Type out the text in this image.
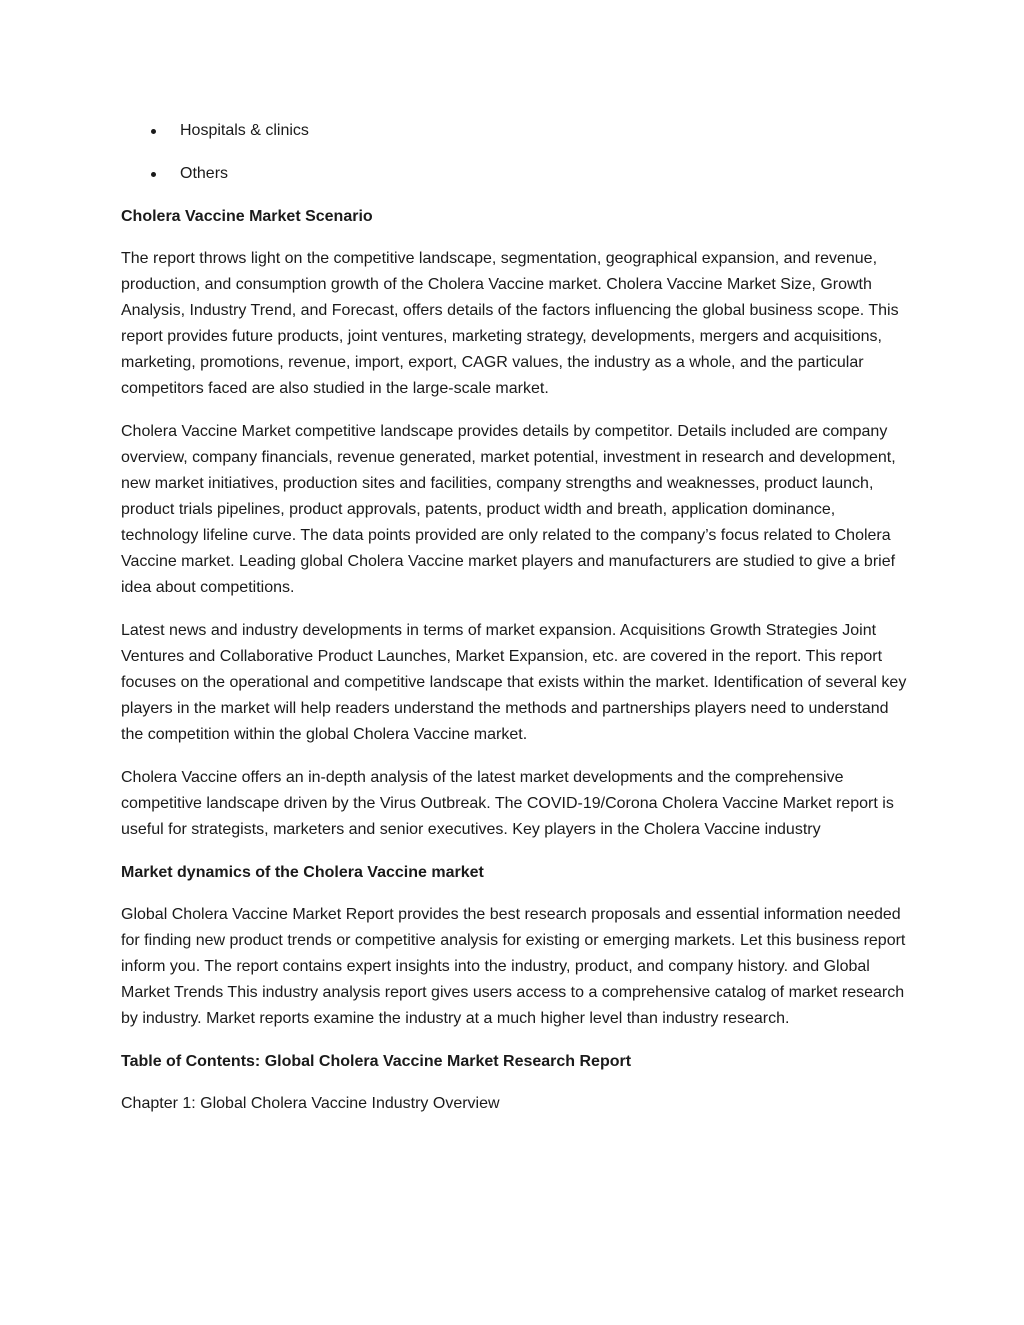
Hospitals & clinics
Others

Cholera Vaccine Market Scenario

The report throws light on the competitive landscape, segmentation, geographical expansion, and revenue, production, and consumption growth of the Cholera Vaccine market. Cholera Vaccine Market Size, Growth Analysis, Industry Trend, and Forecast, offers details of the factors influencing the global business scope. This report provides future products, joint ventures, marketing strategy, developments, mergers and acquisitions, marketing, promotions, revenue, import, export, CAGR values, the industry as a whole, and the particular competitors faced are also studied in the large-scale market.

Cholera Vaccine Market competitive landscape provides details by competitor. Details included are company overview, company financials, revenue generated, market potential, investment in research and development, new market initiatives, production sites and facilities, company strengths and weaknesses, product launch, product trials pipelines, product approvals, patents, product width and breath, application dominance, technology lifeline curve. The data points provided are only related to the company’s focus related to Cholera Vaccine market. Leading global Cholera Vaccine market players and manufacturers are studied to give a brief idea about competitions.

Latest news and industry developments in terms of market expansion. Acquisitions Growth Strategies Joint Ventures and Collaborative Product Launches, Market Expansion, etc. are covered in the report. This report focuses on the operational and competitive landscape that exists within the market. Identification of several key players in the market will help readers understand the methods and partnerships players need to understand the competition within the global Cholera Vaccine market.

Cholera Vaccine offers an in-depth analysis of the latest market developments and the comprehensive competitive landscape driven by the Virus Outbreak. The COVID-19/Corona Cholera Vaccine Market report is useful for strategists, marketers and senior executives. Key players in the Cholera Vaccine industry

Market dynamics of the Cholera Vaccine market

Global Cholera Vaccine Market Report provides the best research proposals and essential information needed for finding new product trends or competitive analysis for existing or emerging markets. Let this business report inform you. The report contains expert insights into the industry, product, and company history. and Global Market Trends This industry analysis report gives users access to a comprehensive catalog of market research by industry. Market reports examine the industry at a much higher level than industry research.

Table of Contents: Global Cholera Vaccine Market Research Report

Chapter 1: Global Cholera Vaccine Industry Overview
